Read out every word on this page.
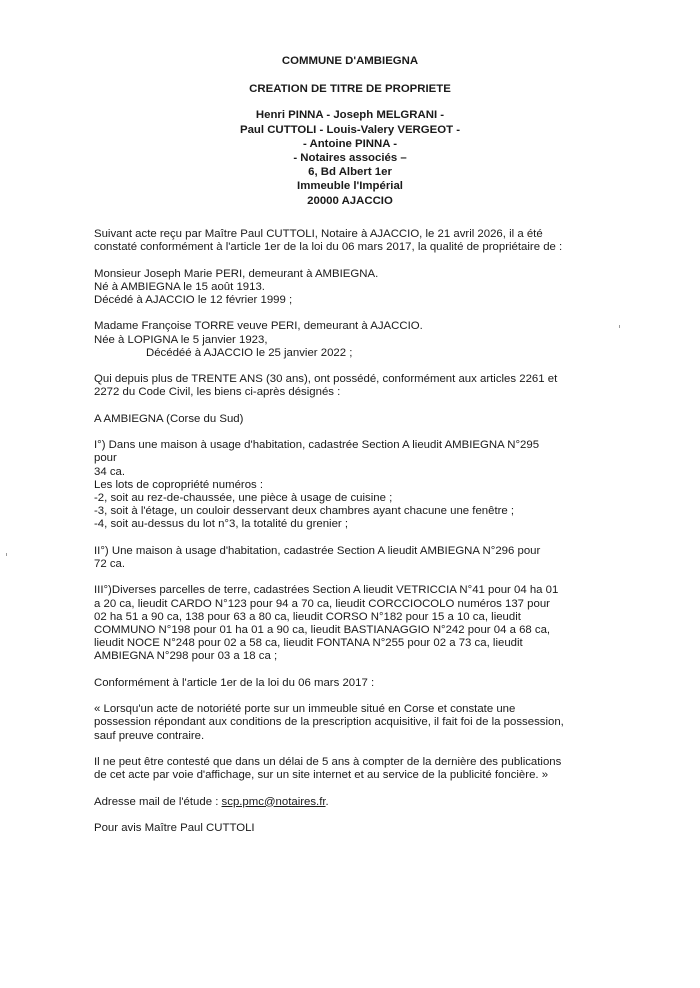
COMMUNE D'AMBIEGNA
CREATION DE TITRE DE PROPRIETE
Henri PINNA - Joseph MELGRANI -
Paul CUTTOLI - Louis-Valery VERGEOT -
- Antoine PINNA -
- Notaires associés –
6, Bd Albert 1er
Immeuble l'Impérial
20000 AJACCIO

Suivant acte reçu par Maître Paul CUTTOLI, Notaire à AJACCIO, le 21 avril 2026, il a été

constaté conformément à l'article 1er de la loi du 06 mars 2017, la qualité de propriétaire de :

Monsieur Joseph Marie PERI, demeurant à AMBIEGNA.

Né à AMBIEGNA le 15 août 1913.

Décédé à AJACCIO le 12 février 1999 ;

Madame Françoise TORRE veuve PERI, demeurant à AJACCIO.

Née à LOPIGNA le 5 janvier 1923,

Décédéé à AJACCIO le 25 janvier 2022 ;

Qui depuis plus de TRENTE ANS (30 ans), ont possédé, conformément aux articles 2261 et

2272 du Code Civil, les biens ci-après désignés :

A AMBIEGNA (Corse du Sud)

I°) Dans une maison à usage d'habitation, cadastrée Section A lieudit AMBIEGNA N°295

pour

34 ca.

Les lots de copropriété numéros :

-2, soit au rez-de-chaussée, une pièce à usage de cuisine ;

-3, soit à l'étage, un couloir desservant deux chambres ayant chacune une fenêtre ;

-4, soit au-dessus du lot n°3, la totalité du grenier ;

II°) Une maison à usage d'habitation, cadastrée Section A lieudit AMBIEGNA N°296 pour

72 ca.

III°)Diverses parcelles de terre, cadastrées Section A lieudit VETRICCIA N°41 pour 04 ha 01

a 20 ca, lieudit CARDO N°123 pour 94 a 70 ca, lieudit CORCCIOCOLO numéros 137 pour

02 ha 51 a 90 ca, 138 pour 63 a 80 ca, lieudit CORSO N°182 pour 15 a 10 ca, lieudit

COMMUNO N°198 pour 01 ha 01 a 90 ca, lieudit BASTIANAGGIO N°242 pour 04 a 68 ca,

lieudit NOCE N°248 pour 02 a 58 ca, lieudit FONTANA N°255 pour 02 a 73 ca, lieudit

AMBIEGNA N°298 pour 03 a 18 ca ;

Conformément à l'article 1er de la loi du 06 mars 2017 :

« Lorsqu'un acte de notoriété porte sur un immeuble situé en Corse et constate une

possession répondant aux conditions de la prescription acquisitive, il fait foi de la possession,

sauf preuve contraire.

Il ne peut être contesté que dans un délai de 5 ans à compter de la dernière des publications

de cet acte par voie d'affichage, sur un site internet et au service de la publicité foncière. »

Adresse mail de l'étude : scp.pmc@notaires.fr.

Pour avis Maître Paul CUTTOLI
